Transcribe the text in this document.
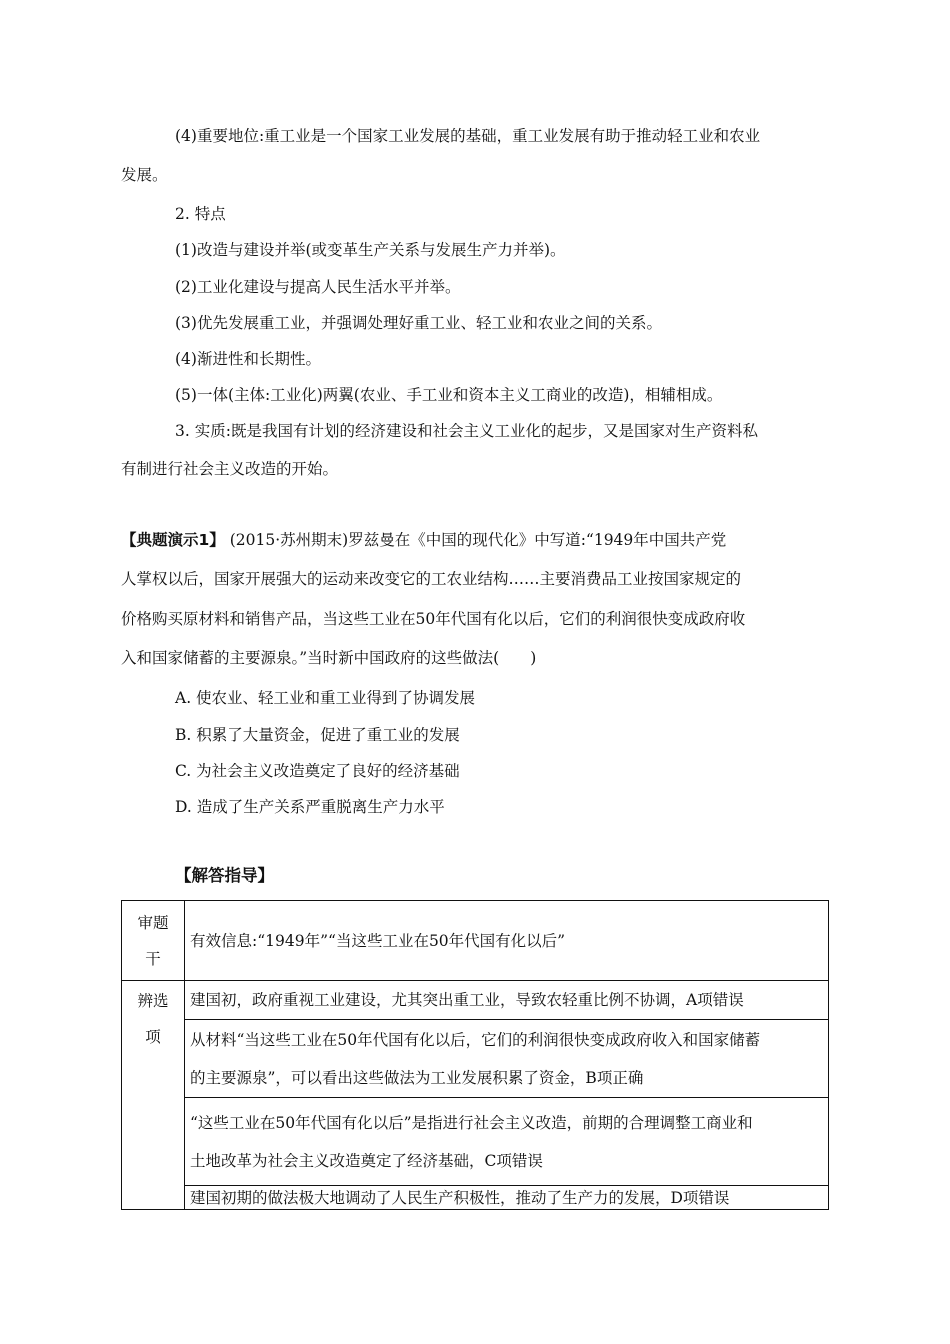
(4)重要地位:重工业是一个国家工业发展的基础，重工业发展有助于推动轻工业和农业
发展。
2. 特点
(1)改造与建设并举(或变革生产关系与发展生产力并举)。
(2)工业化建设与提高人民生活水平并举。
(3)优先发展重工业，并强调处理好重工业、轻工业和农业之间的关系。
(4)渐进性和长期性。
(5)一体(主体:工业化)两翼(农业、手工业和资本主义工商业的改造)，相辅相成。
3. 实质:既是我国有计划的经济建设和社会主义工业化的起步，又是国家对生产资料私
有制进行社会主义改造的开始。
【典题演示1】 (2015·苏州期末)罗兹曼在《中国的现代化》中写道:“1949年中国共产党
人掌权以后，国家开展强大的运动来改变它的工农业结构……主要消费品工业按国家规定的
价格购买原材料和销售产品，当这些工业在50年代国有化以后，它们的利润很快变成政府收
入和国家储蓄的主要源泉。”当时新中国政府的这些做法(　　)
A. 使农业、轻工业和重工业得到了协调发展
B. 积累了大量资金，促进了重工业的发展
C. 为社会主义改造奠定了良好的经济基础
D. 造成了生产关系严重脱离生产力水平
【解答指导】
审题
干	有效信息:“1949年”“当这些工业在50年代国有化以后”

辨选
项	建国初，政府重视工业建设，尤其突出重工业，导致农轻重比例不协调，A项错误

	从材料“当这些工业在50年代国有化以后，它们的利润很快变成政府收入和国家储蓄
的主要源泉”，可以看出这些做法为工业发展积累了资金，B项正确

	“这些工业在50年代国有化以后”是指进行社会主义改造，前期的合理调整工商业和
土地改革为社会主义改造奠定了经济基础，C项错误

	建国初期的做法极大地调动了人民生产积极性，推动了生产力的发展，D项错误
